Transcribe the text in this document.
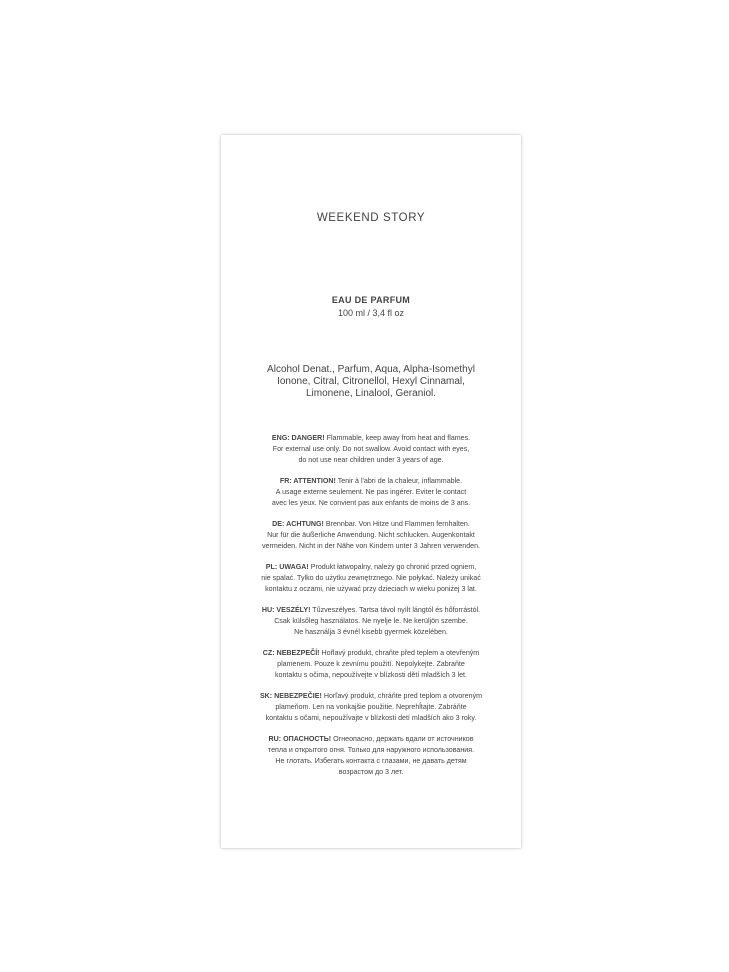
WEEKEND STORY
EAU DE PARFUM
100 ml / 3,4 fl oz
Alcohol Denat., Parfum, Aqua, Alpha-Isomethyl
Ionone, Citral, Citronellol, Hexyl Cinnamal,
Limonene, Linalool, Geraniol.
ENG: DANGER! Flammable, keep away from heat and flames.
For external use only. Do not swallow. Avoid contact with eyes,
do not use near children under 3 years of age.
FR: ATTENTION! Tenir à l'abri de la chaleur, inflammable.
A usage externe seulement. Ne pas ingérer. Eviter le contact
avec les yeux. Ne convient pas aux enfants de moins de 3 ans.
DE: ACHTUNG! Brennbar. Von Hitze und Flammen fernhalten.
Nur für die äußerliche Anwendung. Nicht schlucken. Augenkontakt
vermeiden. Nicht in der Nähe von Kindern unter 3 Jahren verwenden.
PL: UWAGA! Produkt łatwopalny, należy go chronić przed ogniem,
nie spalać. Tylko do użytku zewnętrznego. Nie połykać. Należy unikać
kontaktu z oczami, nie używać przy dzieciach w wieku poniżej 3 lat.
HU: VESZÉLY! Tűzveszélyes. Tartsa távol nyílt lángtól és hőforrástól.
Csak külsőleg használatos. Ne nyelje le. Ne kerüljön szembe.
Ne használja 3 évnél kisebb gyermek közelében.
CZ: NEBEZPEČÍ! Hořlavý produkt, chraňte před teplem a otevřeným
plamenem. Pouze k zevnímu použití. Nepolykejte. Zabraňte
kontaktu s očima, nepoužívejte v blízkosti dětí mladších 3 let.
SK: NEBEZPEČIE! Horľavý produkt, chráňte pred teplom a otvoreným
plameňom. Len na vonkajšie použitie. Neprehĺtajte. Zabráňte
kontaktu s očami, nepoužívajte v blízkosti detí mladších ako 3 roky.
RU: ОПАСНОСТЬ! Огнеопасно, держать вдали от источников
тепла и открытого огня. Только для наружного использования.
Не глотать. Избегать контакта с глазами, не давать детям
возрастом до 3 лет.
